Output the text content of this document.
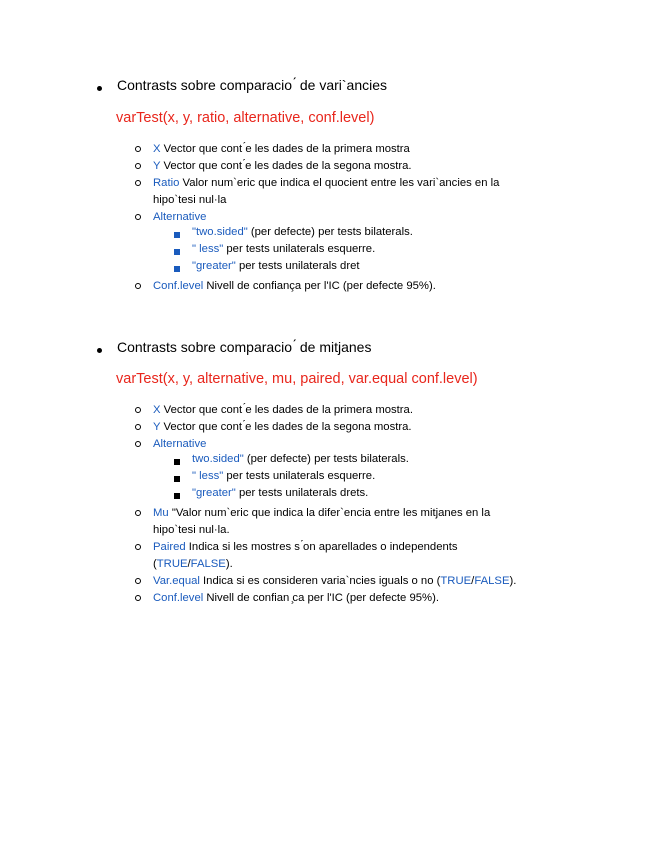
Contrasts sobre comparacio ́ de vari`ancies
varTest(x, y, ratio, alternative, conf.level)
X Vector que cont ́e les dades de la primera mostra
Y Vector que cont ́e les dades de la segona mostra.
Ratio Valor num`eric que indica el quocient entre les vari`ancies en la
hipo`tesi nul·la
Alternative
"two.sided" (per defecte) per tests bilaterals.
" less" per tests unilaterals esquerre.
"greater" per tests unilaterals dret
Conf.level Nivell de confiança per l'IC (per defecte 95%).
Contrasts sobre comparacio ́ de mitjanes
varTest(x, y, alternative, mu, paired, var.equal conf.level)
X Vector que cont ́e les dades de la primera mostra.
Y Vector que cont ́e les dades de la segona mostra.
Alternative
two.sided" (per defecte) per tests bilaterals.
" less" per tests unilaterals esquerre.
"greater" per tests unilaterals drets.
Mu "Valor num`eric que indica la difer`encia entre les mitjanes en la
hipo`tesi nul·la.
Paired Indica si les mostres s ́on aparellades o independents
(TRUE/FALSE).
Var.equal Indica si es consideren varia`ncies iguals o no (TRUE/FALSE).
Conf.level Nivell de confian ̧ca per l'IC (per defecte 95%).
